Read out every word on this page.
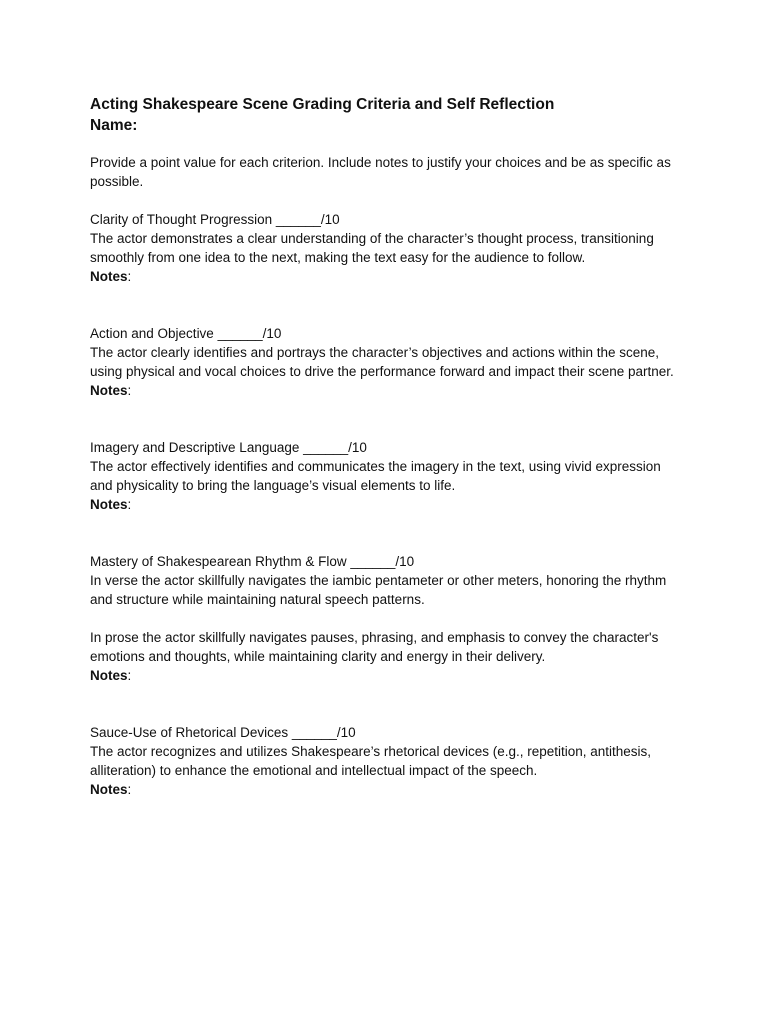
Acting Shakespeare Scene Grading Criteria and Self Reflection

Name:

Provide a point value for each criterion. Include notes to justify your choices and be as specific as possible.

Clarity of Thought Progression ______/10

The actor demonstrates a clear understanding of the character’s thought process, transitioning smoothly from one idea to the next, making the text easy for the audience to follow.

Notes:

Action and Objective ______/10

The actor clearly identifies and portrays the character’s objectives and actions within the scene, using physical and vocal choices to drive the performance forward and impact their scene partner.

Notes:

Imagery and Descriptive Language ______/10

The actor effectively identifies and communicates the imagery in the text, using vivid expression and physicality to bring the language’s visual elements to life.

Notes:

Mastery of Shakespearean Rhythm & Flow ______/10

In verse the actor skillfully navigates the iambic pentameter or other meters, honoring the rhythm and structure while maintaining natural speech patterns.

In prose the actor skillfully navigates pauses, phrasing, and emphasis to convey the character's emotions and thoughts, while maintaining clarity and energy in their delivery.

Notes:

Sauce-Use of Rhetorical Devices ______/10

The actor recognizes and utilizes Shakespeare’s rhetorical devices (e.g., repetition, antithesis, alliteration) to enhance the emotional and intellectual impact of the speech.

Notes:
